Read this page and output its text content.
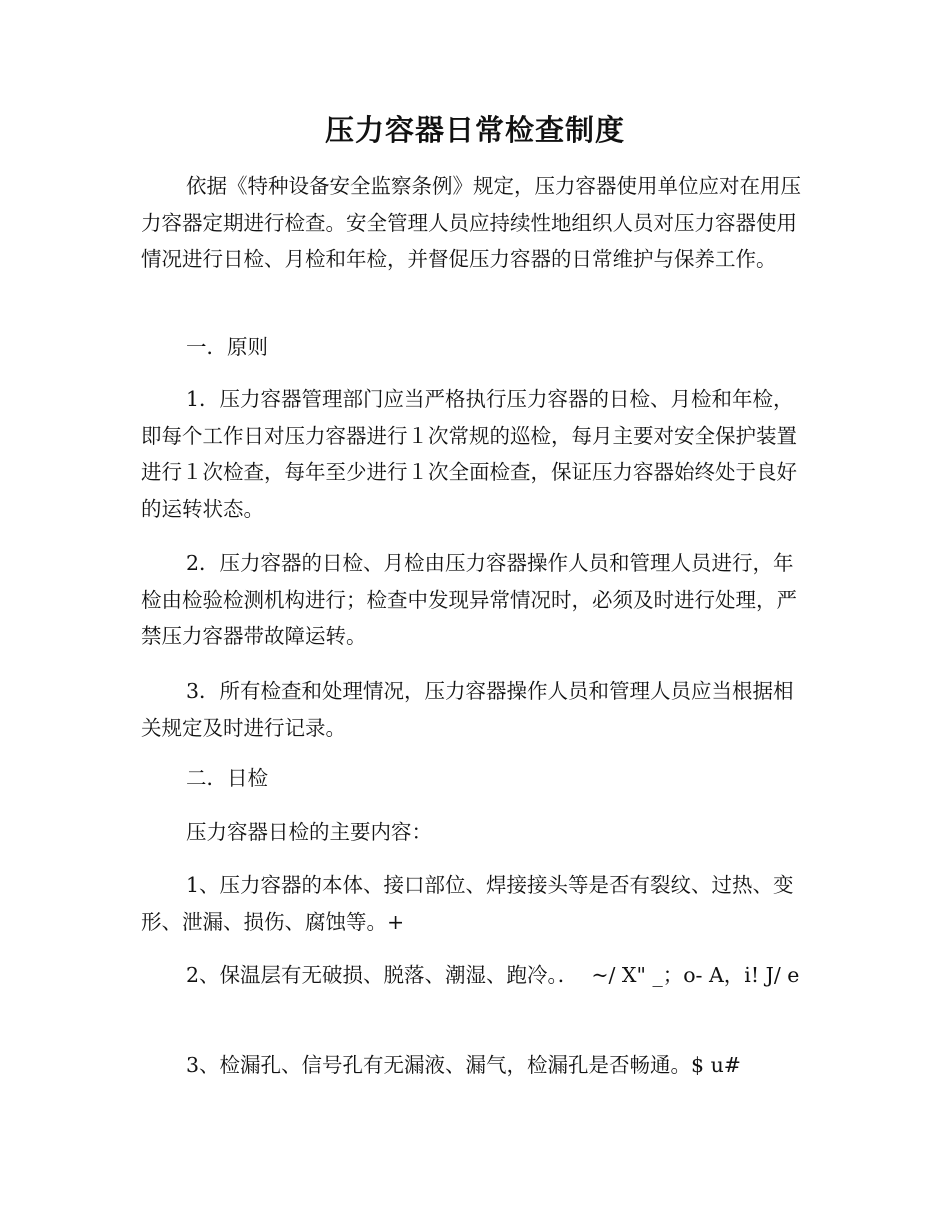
压力容器日常检查制度

依据《特种设备安全监察条例》规定，压力容器使用单位应对在用压力容器定期进行检查。安全管理人员应持续性地组织人员对压力容器使用情况进行日检、月检和年检，并督促压力容器的日常维护与保养工作。

一．原则

1．压力容器管理部门应当严格执行压力容器的日检、月检和年检，即每个工作日对压力容器进行１次常规的巡检，每月主要对安全保护装置进行１次检查，每年至少进行１次全面检查，保证压力容器始终处于良好的运转状态。

2．压力容器的日检、月检由压力容器操作人员和管理人员进行，年检由检验检测机构进行；检查中发现异常情况时，必须及时进行处理，严禁压力容器带故障运转。

3．所有检查和处理情况，压力容器操作人员和管理人员应当根据相关规定及时进行记录。

二．日检

压力容器日检的主要内容：

1、压力容器的本体、接口部位、焊接接头等是否有裂纹、过热、变形、泄漏、损伤、腐蚀等。+

2、保温层有无破损、脱落、潮湿、跑冷。．  ~/ X" _；o- A，i! J/ e

3、检漏孔、信号孔有无漏液、漏气，检漏孔是否畅通。$ u#
